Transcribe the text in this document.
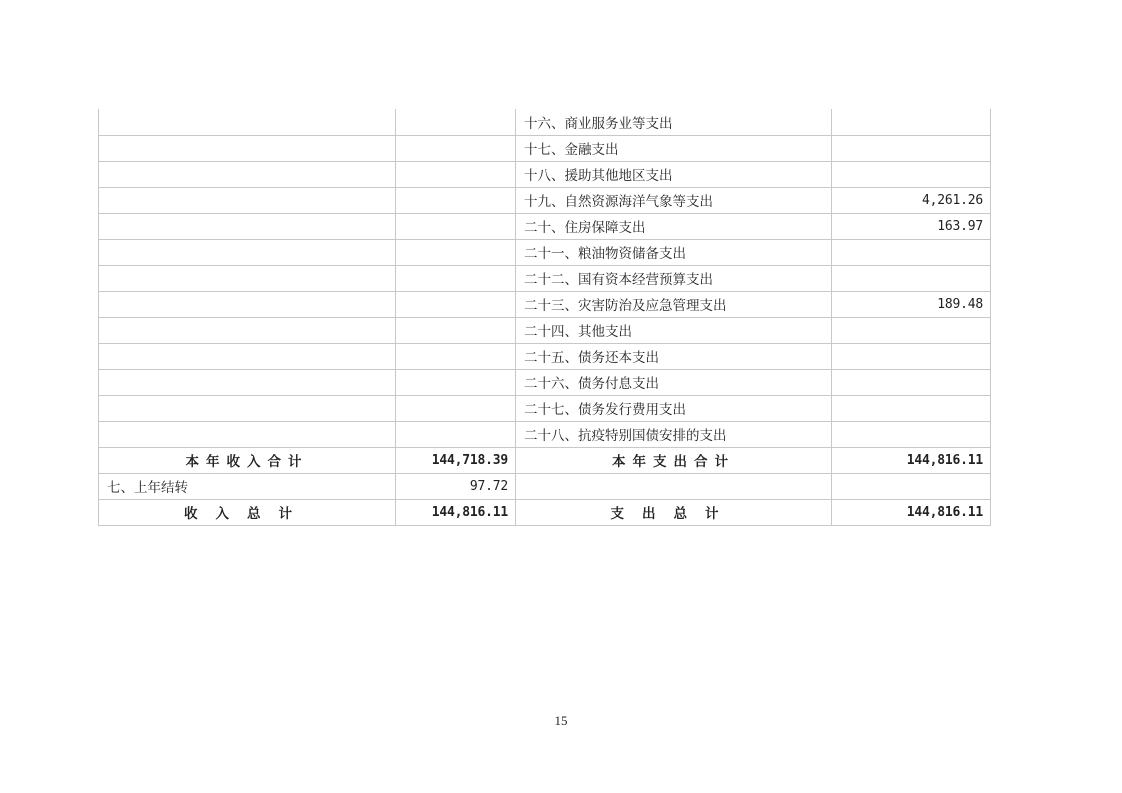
		十六、商业服务业等支出	
		十七、金融支出	
		十八、援助其他地区支出	
		十九、自然资源海洋气象等支出	4,261.26
		二十、住房保障支出	163.97
		二十一、粮油物资储备支出	
		二十二、国有资本经营预算支出	
		二十三、灾害防治及应急管理支出	189.48
		二十四、其他支出	
		二十五、债务还本支出	
		二十六、债务付息支出	
		二十七、债务发行费用支出	
		二十八、抗疫特别国债安排的支出	
本年收入合计	144,718.39	本年支出合计	144,816.11
七、上年结转	97.72		
收入总计	144,816.11	支出总计	144,816.11
15
